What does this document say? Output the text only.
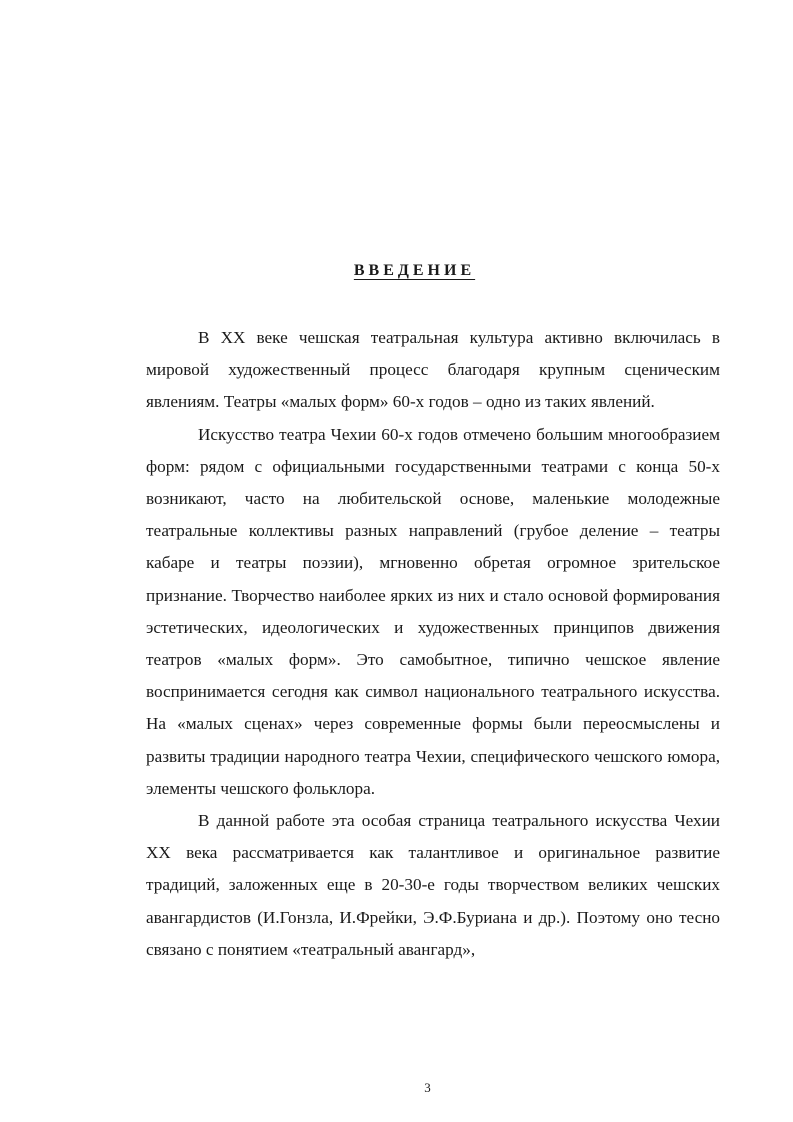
ВВЕДЕНИЕ

В XX веке чешская театральная культура активно включилась в мировой художественный процесс благодаря крупным сценическим явлениям. Театры «малых форм» 60-х годов – одно из таких явлений.

Искусство театра Чехии 60-х годов отмечено большим многообразием форм: рядом с официальными государственными театрами с конца 50-х возникают, часто на любительской основе, маленькие молодежные театральные коллективы разных направлений (грубое деление – театры кабаре и театры поэзии), мгновенно обретая огромное зрительское признание. Творчество наиболее ярких из них и стало основой формирования эстетических, идеологических и художественных принципов движения театров «малых форм». Это самобытное, типично чешское явление воспринимается сегодня как символ национального театрального искусства. На «малых сценах» через современные формы были переосмыслены и развиты традиции народного театра Чехии, специфического чешского юмора, элементы чешского фольклора.

В данной работе эта особая страница театрального искусства Чехии XX века рассматривается как талантливое и оригинальное развитие традиций, заложенных еще в 20-30-е годы творчеством великих чешских авангардистов (И.Гонзла, И.Фрейки, Э.Ф.Буриана и др.). Поэтому оно тесно связано с понятием «театральный авангард»,

3
